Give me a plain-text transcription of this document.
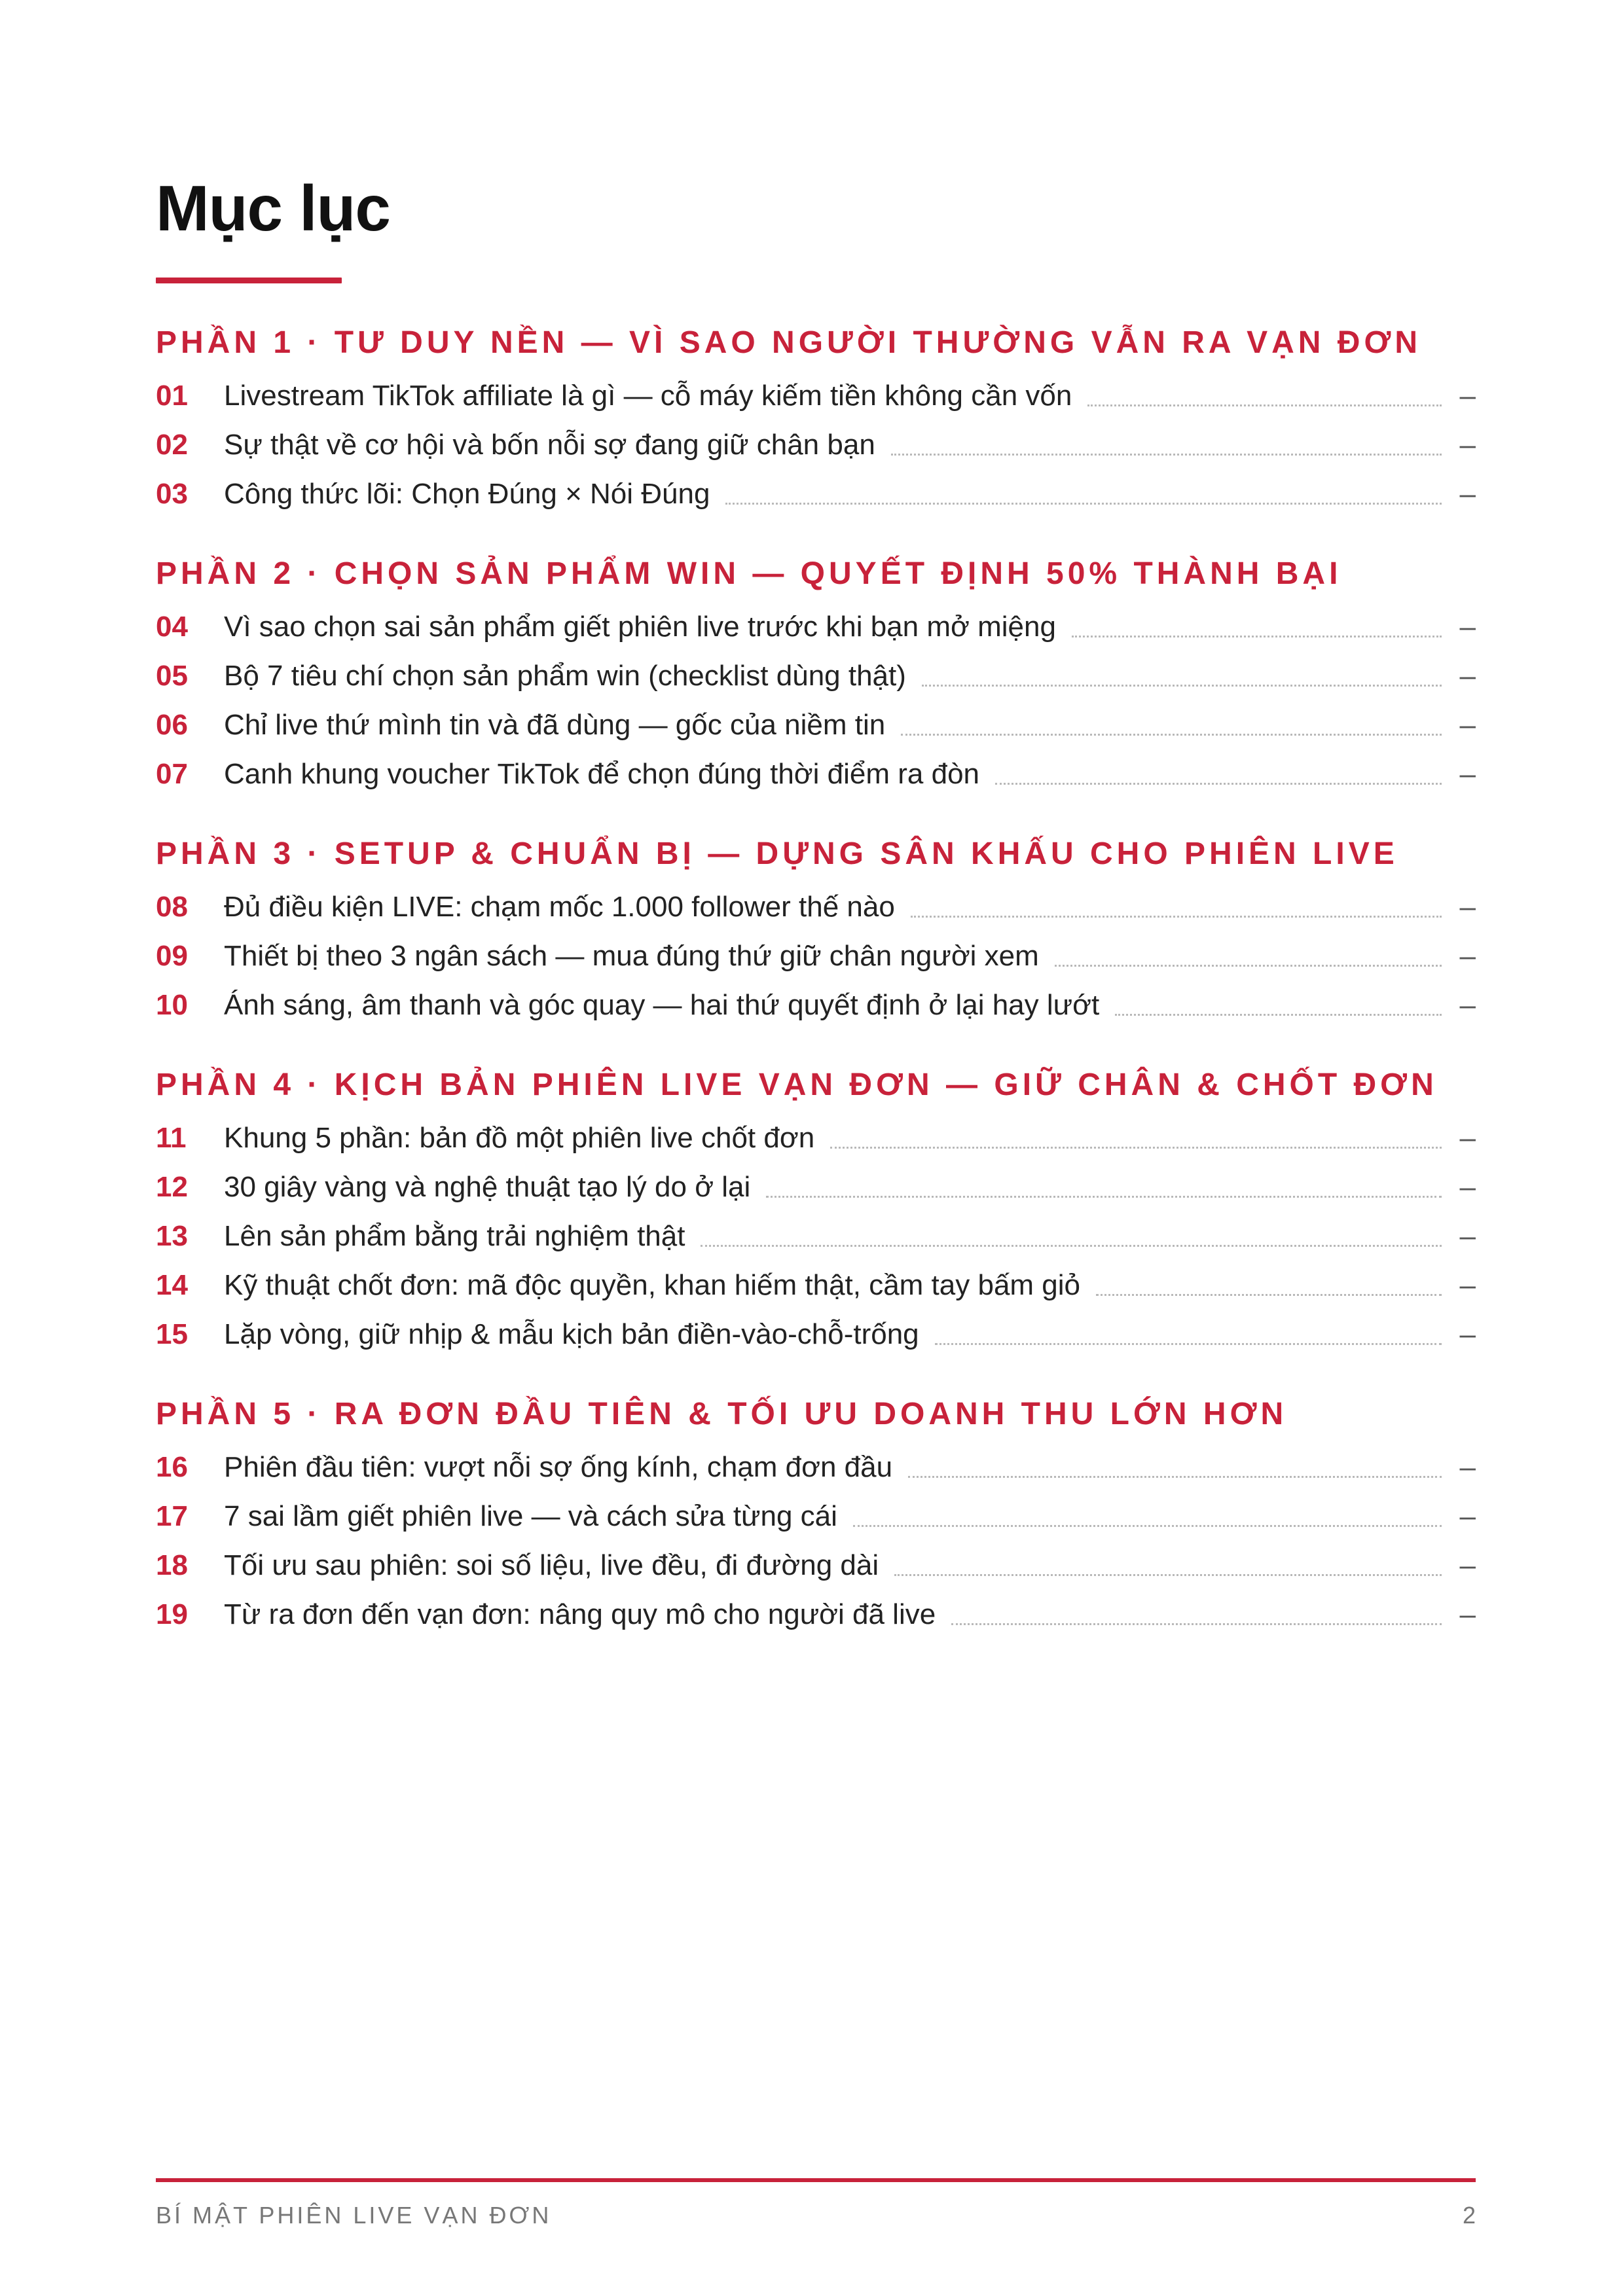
Mục lục
PHẦN 1 · TƯ DUY NỀN — VÌ SAO NGƯỜI THƯỜNG VẪN RA VẠN ĐƠN
01	Livestream TikTok affiliate là gì — cỗ máy kiếm tiền không cần vốn	–
02	Sự thật về cơ hội và bốn nỗi sợ đang giữ chân bạn	–
03	Công thức lõi: Chọn Đúng × Nói Đúng	–
PHẦN 2 · CHỌN SẢN PHẨM WIN — QUYẾT ĐỊNH 50% THÀNH BẠI
04	Vì sao chọn sai sản phẩm giết phiên live trước khi bạn mở miệng	–
05	Bộ 7 tiêu chí chọn sản phẩm win (checklist dùng thật)	–
06	Chỉ live thứ mình tin và đã dùng — gốc của niềm tin	–
07	Canh khung voucher TikTok để chọn đúng thời điểm ra đòn	–
PHẦN 3 · SETUP & CHUẨN BỊ — DỰNG SÂN KHẤU CHO PHIÊN LIVE
08	Đủ điều kiện LIVE: chạm mốc 1.000 follower thế nào	–
09	Thiết bị theo 3 ngân sách — mua đúng thứ giữ chân người xem	–
10	Ánh sáng, âm thanh và góc quay — hai thứ quyết định ở lại hay lướt	–
PHẦN 4 · KỊCH BẢN PHIÊN LIVE VẠN ĐƠN — GIỮ CHÂN & CHỐT ĐƠN
11	Khung 5 phần: bản đồ một phiên live chốt đơn	–
12	30 giây vàng và nghệ thuật tạo lý do ở lại	–
13	Lên sản phẩm bằng trải nghiệm thật	–
14	Kỹ thuật chốt đơn: mã độc quyền, khan hiếm thật, cầm tay bấm giỏ	–
15	Lặp vòng, giữ nhịp & mẫu kịch bản điền-vào-chỗ-trống	–
PHẦN 5 · RA ĐƠN ĐẦU TIÊN & TỐI ƯU DOANH THU LỚN HƠN
16	Phiên đầu tiên: vượt nỗi sợ ống kính, chạm đơn đầu	–
17	7 sai lầm giết phiên live — và cách sửa từng cái	–
18	Tối ưu sau phiên: soi số liệu, live đều, đi đường dài	–
19	Từ ra đơn đến vạn đơn: nâng quy mô cho người đã live	–
BÍ MẬT PHIÊN LIVE VẠN ĐƠN	2
